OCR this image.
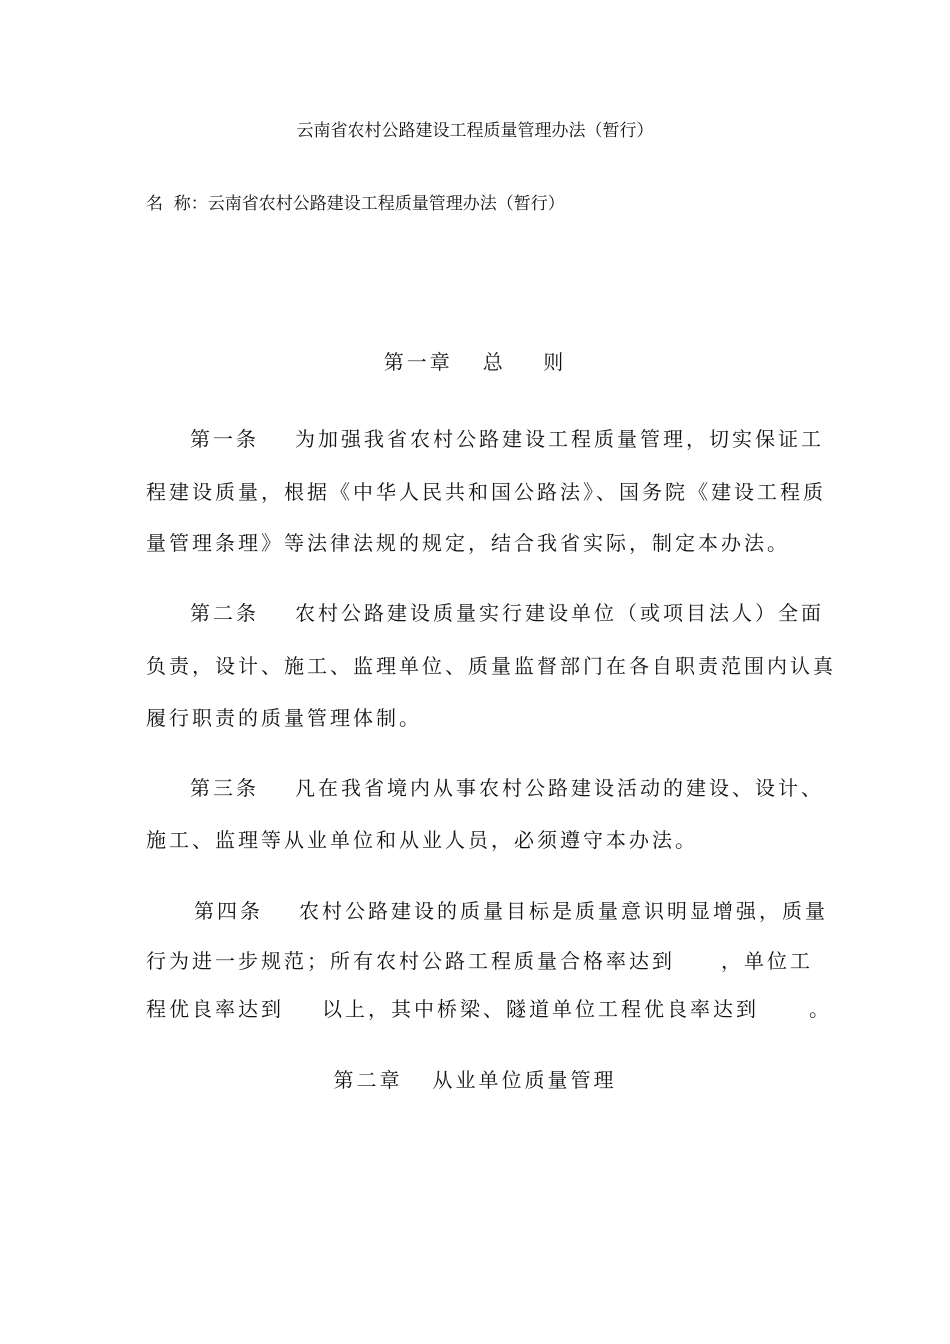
云南省农村公路建设工程质量管理办法（暂行）
名  称：云南省农村公路建设工程质量管理办法（暂行）
第一章 总    则
第一条 为加强我省农村公路建设工程质量管理，切实保证工
程建设质量，根据《中华人民共和国公路法》、国务院《建设工程质
量管理条理》等法律法规的规定，结合我省实际，制定本办法。
第二条 农村公路建设质量实行建设单位（或项目法人）全面
负责，设计、施工、监理单位、质量监督部门在各自职责范围内认真
履行职责的质量管理体制。
第三条 凡在我省境内从事农村公路建设活动的建设、设计、
施工、监理等从业单位和从业人员，必须遵守本办法。
第四条 农村公路建设的质量目标是质量意识明显增强，质量
行为进一步规范；所有农村公路工程质量合格率达到 ，单位工
程优良率达到 以上，其中桥梁、隧道单位工程优良率达到	。
第二章 从业单位质量管理
